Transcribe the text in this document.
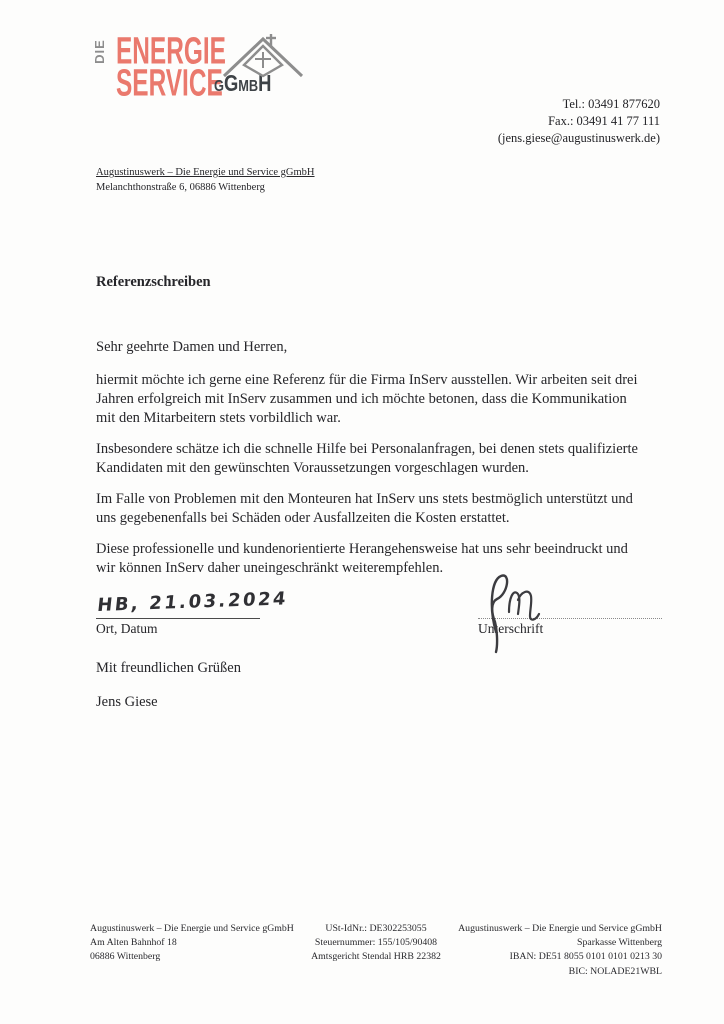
DIE ENERGIE
SERVICE
gGmbH
Tel.: 03491 877620
Fax.: 03491 41 77 111
(jens.giese@augustinuswerk.de)
Augustinuswerk – Die Energie und Service gGmbH
Melanchthonstraße 6, 06886 Wittenberg
Referenzschreiben
Sehr geehrte Damen und Herren,

hiermit möchte ich gerne eine Referenz für die Firma InServ ausstellen. Wir arbeiten seit drei Jahren erfolgreich mit InServ zusammen und ich möchte betonen, dass die Kommunikation mit den Mitarbeitern stets vorbildlich war.

Insbesondere schätze ich die schnelle Hilfe bei Personalanfragen, bei denen stets qualifizierte Kandidaten mit den gewünschten Voraussetzungen vorgeschlagen wurden.

Im Falle von Problemen mit den Monteuren hat InServ uns stets bestmöglich unterstützt und uns gegebenenfalls bei Schäden oder Ausfallzeiten die Kosten erstattet.

Diese professionelle und kundenorientierte Herangehensweise hat uns sehr beeindruckt und wir können InServ daher uneingeschränkt weiterempfehlen.

HB, 21.03.2024
Ort, Datum	Unterschrift
Mit freundlichen Grüßen
Jens Giese
Augustinuswerk – Die Energie und Service gGmbH
Am Alten Bahnhof 18
06886 Wittenberg
USt-IdNr.: DE302253055
Steuernummer: 155/105/90408
Amtsgericht Stendal HRB 22382
Augustinuswerk – Die Energie und Service gGmbH
Sparkasse Wittenberg
IBAN: DE51 8055 0101 0101 0213 30
BIC: NOLADE21WBL
